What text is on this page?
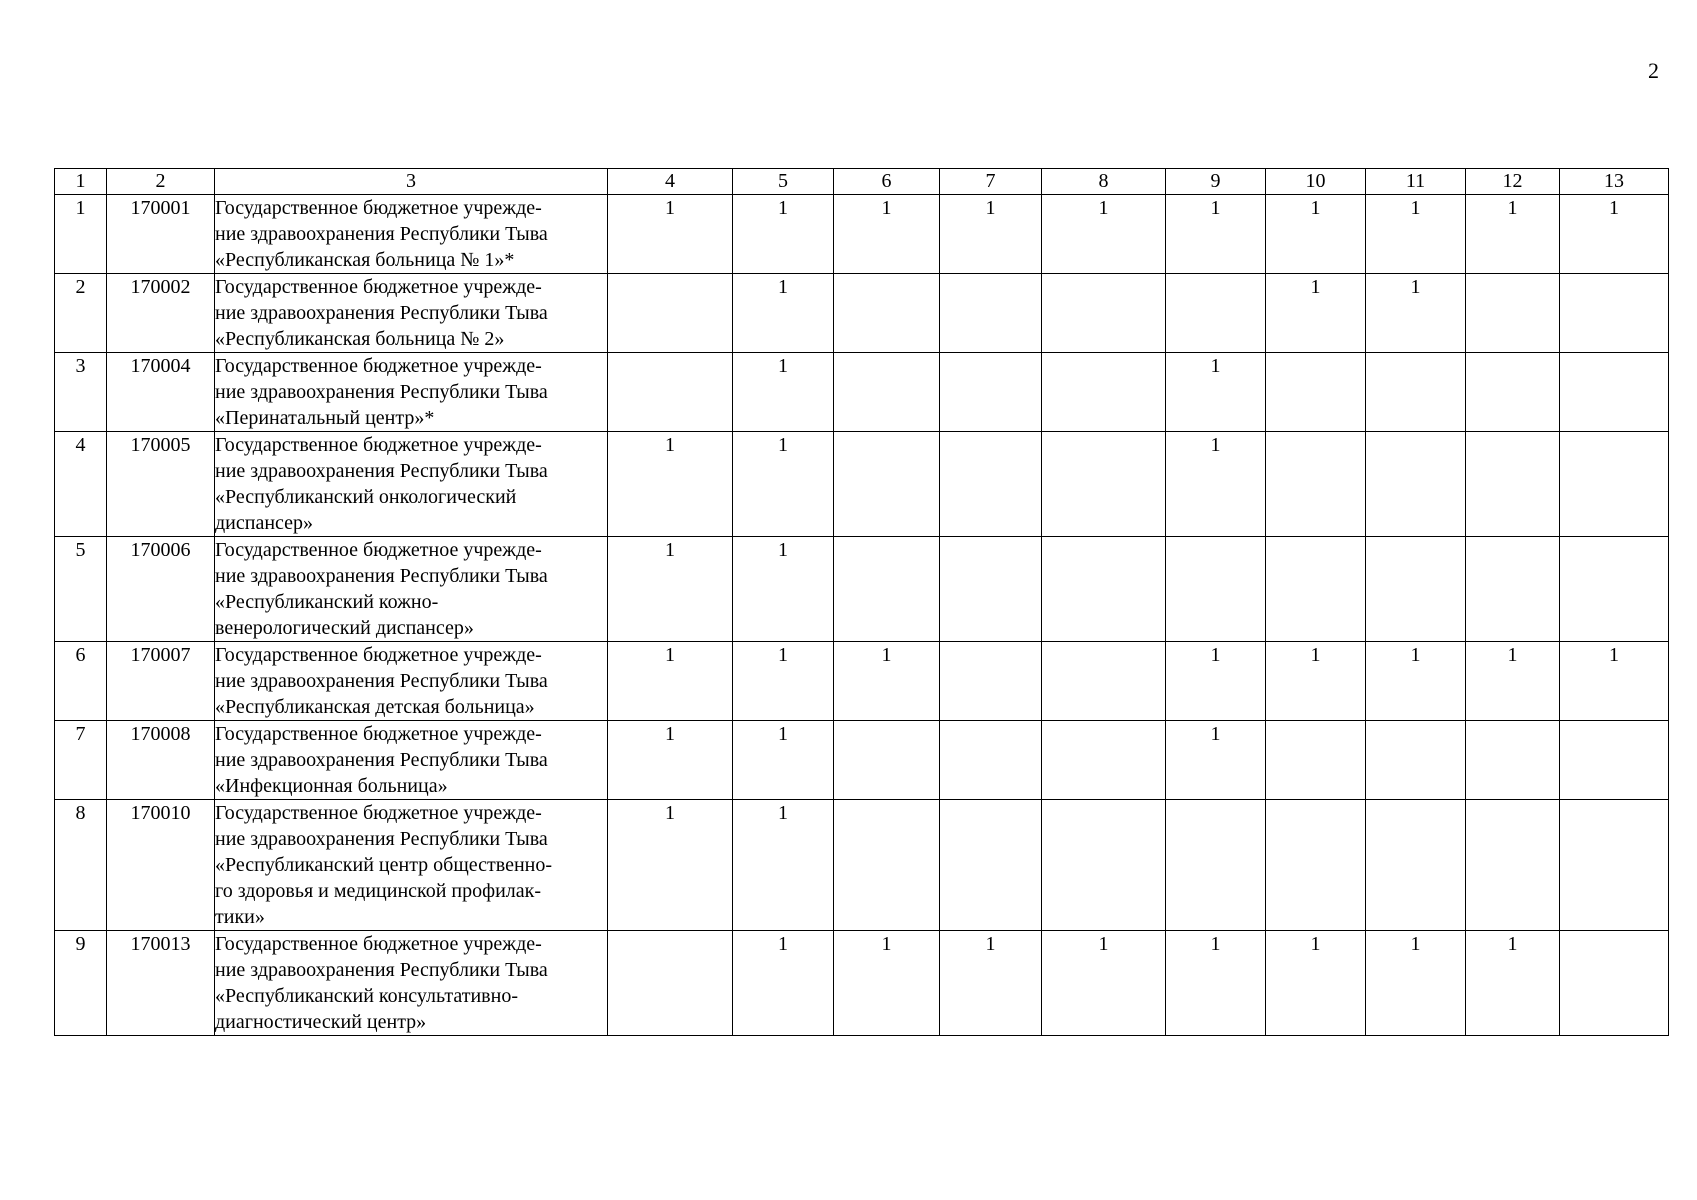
2
1	2	3	4	5	6	7	8	9	10	11	12	13
1	170001	Государственное бюджетное учрежде-
ние здравоохранения Республики Тыва
«Республиканская больница № 1»*	1	1	1	1	1	1	1	1	1	1
2	170002	Государственное бюджетное учрежде-
ние здравоохранения Республики Тыва
«Республиканская больница № 2»		1					1	1		
3	170004	Государственное бюджетное учрежде-
ние здравоохранения Республики Тыва
«Перинатальный центр»*		1				1				
4	170005	Государственное бюджетное учрежде-
ние здравоохранения Республики Тыва
«Республиканский онкологический
диспансер»	1	1				1				
5	170006	Государственное бюджетное учрежде-
ние здравоохранения Республики Тыва
«Республиканский кожно-
венерологический диспансер»	1	1								
6	170007	Государственное бюджетное учрежде-
ние здравоохранения Республики Тыва
«Республиканская детская больница»	1	1	1			1	1	1	1	1
7	170008	Государственное бюджетное учрежде-
ние здравоохранения Республики Тыва
«Инфекционная больница»	1	1				1				
8	170010	Государственное бюджетное учрежде-
ние здравоохранения Республики Тыва
«Республиканский центр общественно-
го здоровья и медицинской профилак-
тики»	1	1								
9	170013	Государственное бюджетное учрежде-
ние здравоохранения Республики Тыва
«Республиканский консультативно-
диагностический центр»		1	1	1	1	1	1	1	1	
